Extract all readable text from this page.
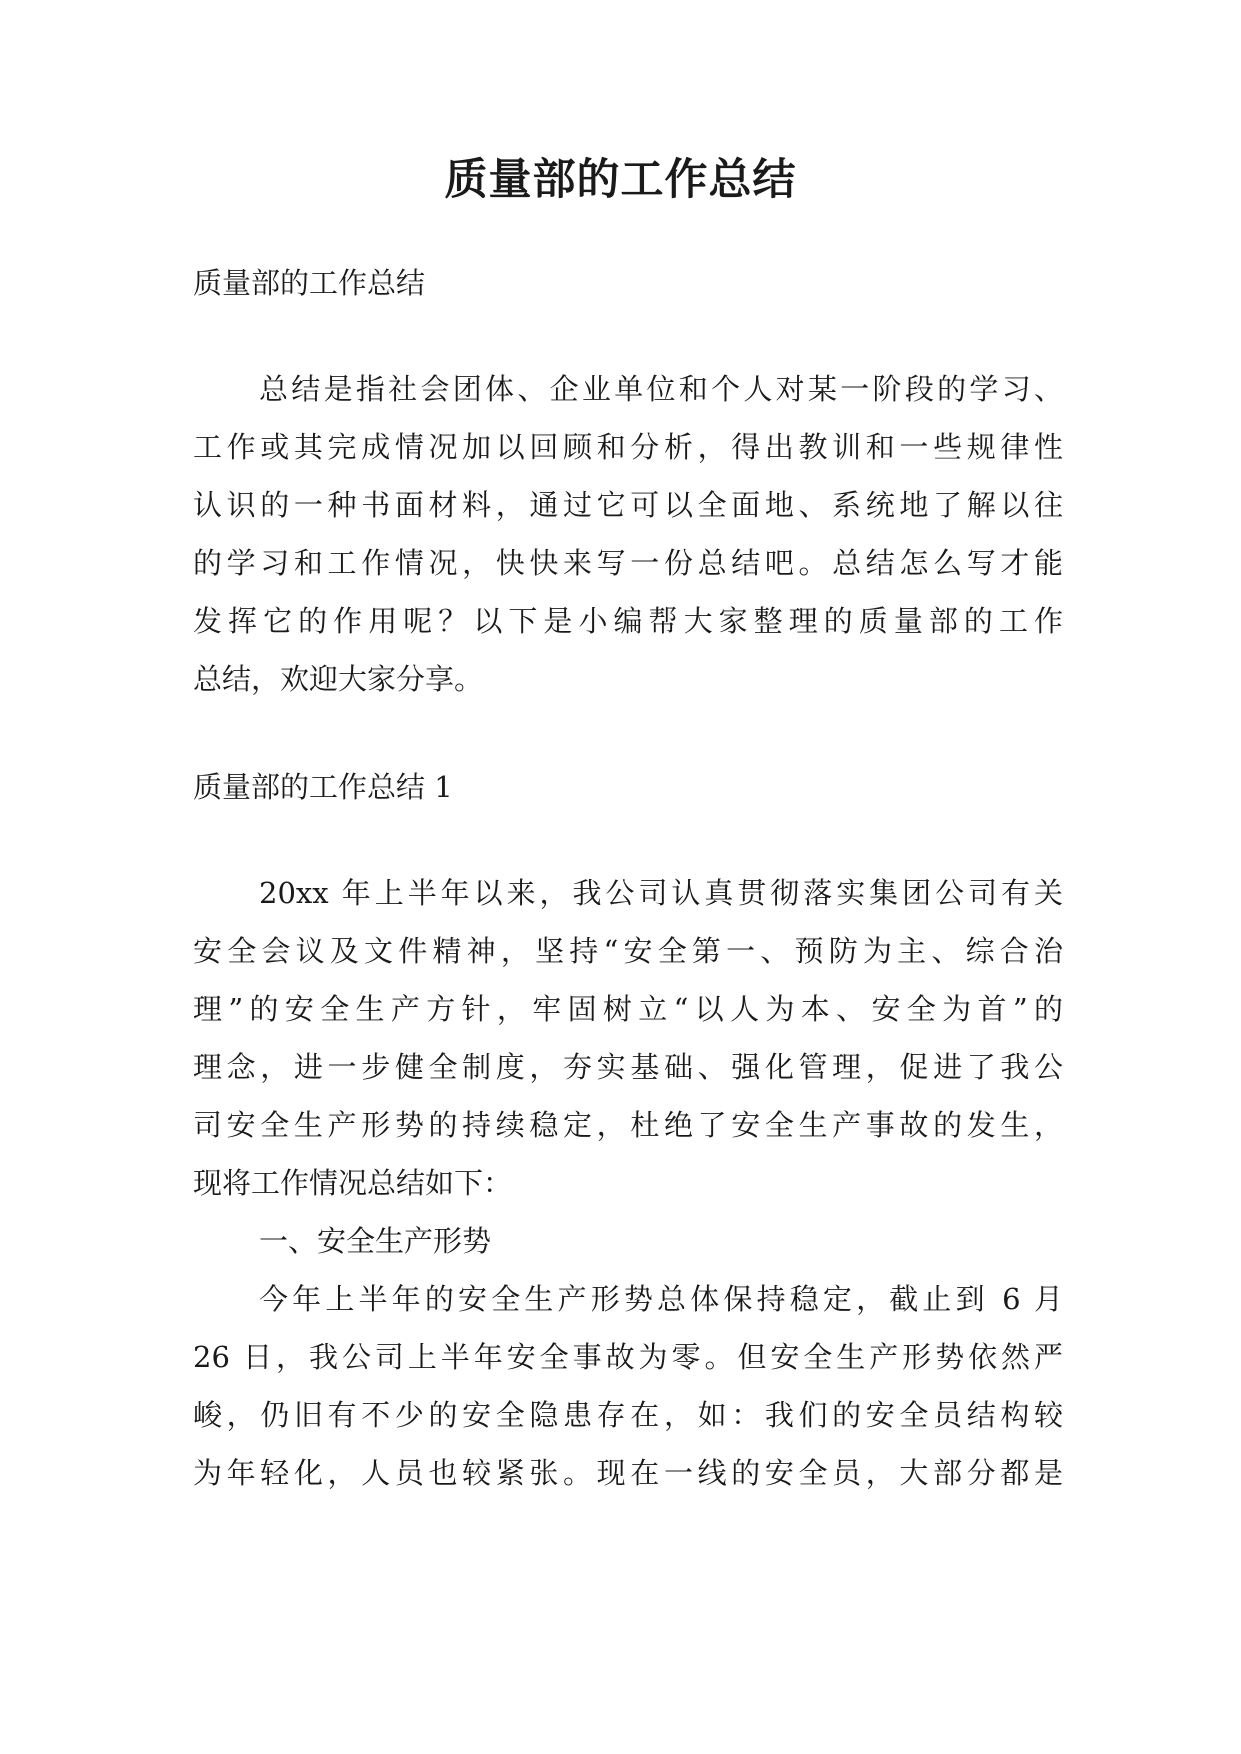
质量部的工作总结
质量部的工作总结
总结是指社会团体、企业单位和个人对某一阶段的学习、
工作或其完成情况加以回顾和分析，得出教训和一些规律性
认识的一种书面材料，通过它可以全面地、系统地了解以往
的学习和工作情况，快快来写一份总结吧。总结怎么写才能
发挥它的作用呢？以下是小编帮大家整理的质量部的工作
总结，欢迎大家分享。
质量部的工作总结 1
20xx 年上半年以来，我公司认真贯彻落实集团公司有关
安全会议及文件精神，坚持“安全第一、预防为主、综合治
理”的安全生产方针，牢固树立“以人为本、安全为首”的
理念，进一步健全制度，夯实基础、强化管理，促进了我公
司安全生产形势的持续稳定，杜绝了安全生产事故的发生，
现将工作情况总结如下：
一、安全生产形势
今年上半年的安全生产形势总体保持稳定，截止到 6 月
26 日，我公司上半年安全事故为零。但安全生产形势依然严
峻，仍旧有不少的安全隐患存在，如：我们的安全员结构较
为年轻化，人员也较紧张。现在一线的安全员，大部分都是
